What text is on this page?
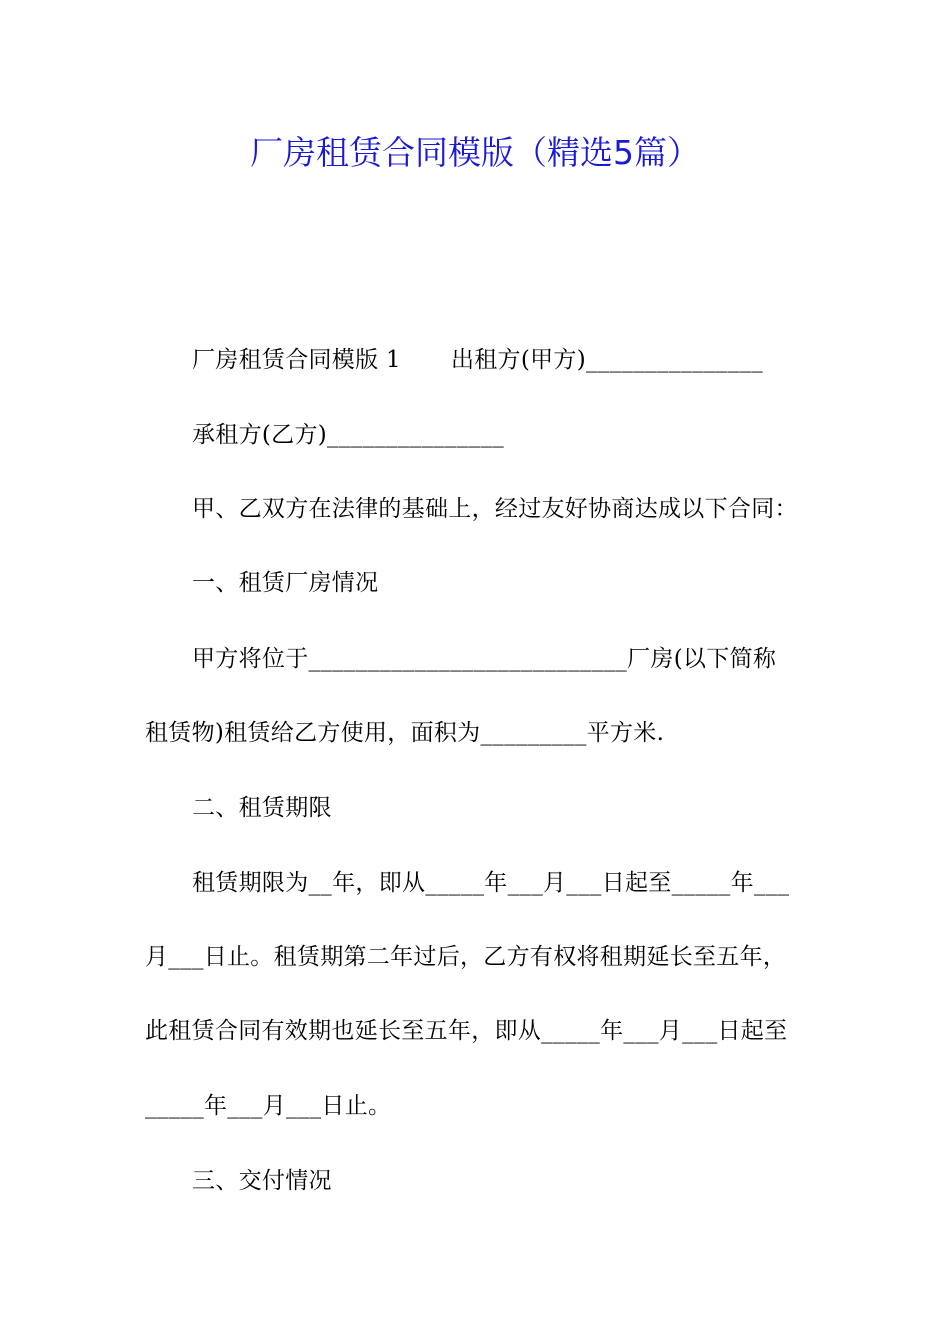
厂房租赁合同模版（精选5篇）
厂房租赁合同模版 1 出租方(甲方)_______________
承租方(乙方)_______________
甲、乙双方在法律的基础上，经过友好协商达成以下合同：
一、租赁厂房情况
甲方将位于___________________________厂房(以下简称
租赁物)租赁给乙方使用，面积为_________平方米.
二、租赁期限
租赁期限为__年，即从_____年___月___日起至_____年___
月___日止。租赁期第二年过后，乙方有权将租期延长至五年，
此租赁合同有效期也延长至五年，即从_____年___月___日起至
_____年___月___日止。
三、交付情况
